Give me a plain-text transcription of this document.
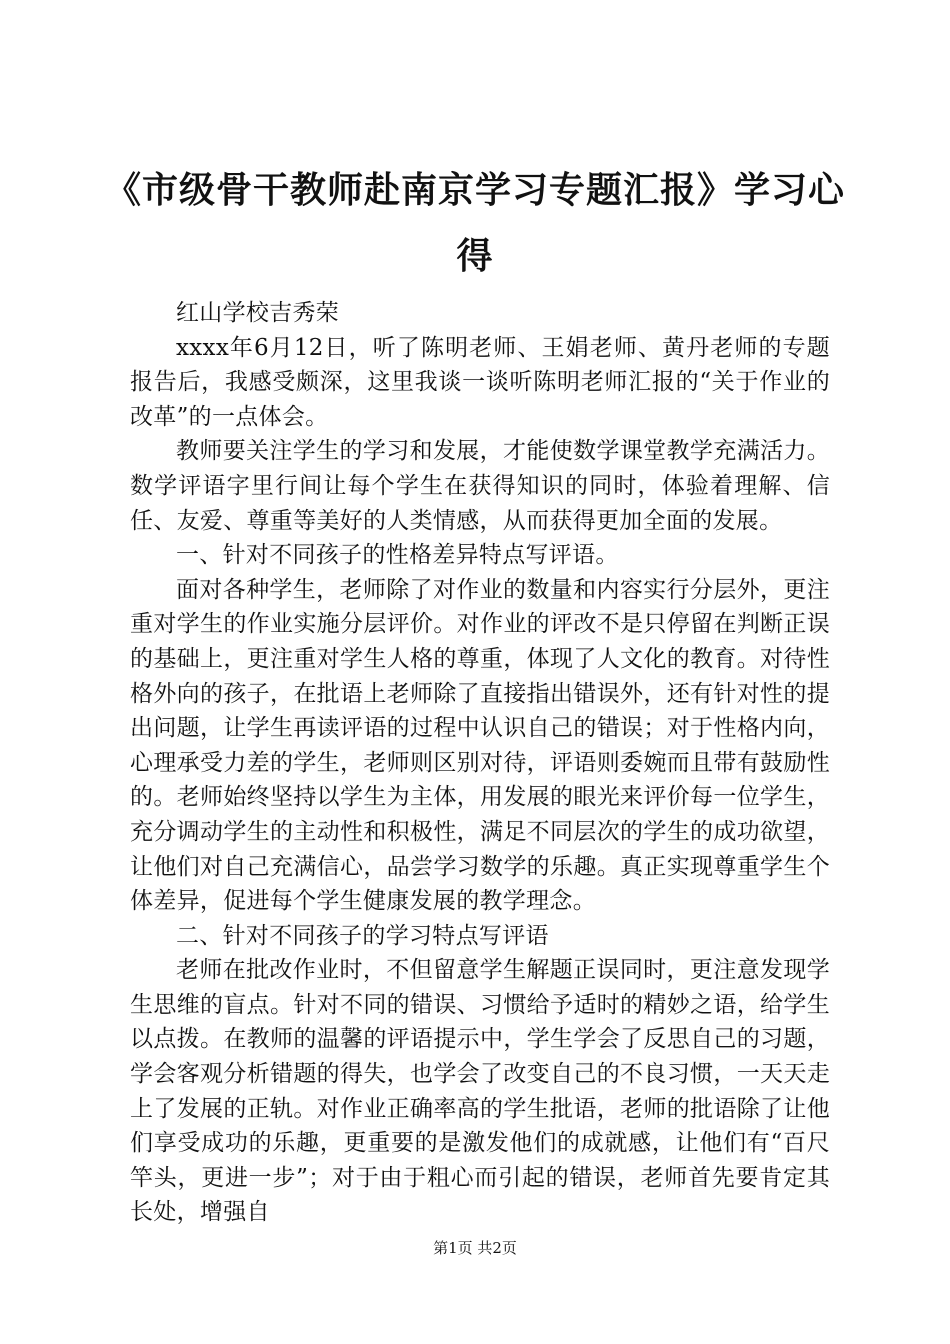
《市级骨干教师赴南京学习专题汇报》学习心得

红山学校吉秀荣

xxxx年6月12日，听了陈明老师、王娟老师、黄丹老师的专题报告后，我感受颇深，这里我谈一谈听陈明老师汇报的“关于作业的改革”的一点体会。

教师要关注学生的学习和发展，才能使数学课堂教学充满活力。数学评语字里行间让每个学生在获得知识的同时，体验着理解、信任、友爱、尊重等美好的人类情感，从而获得更加全面的发展。

一、针对不同孩子的性格差异特点写评语。

面对各种学生，老师除了对作业的数量和内容实行分层外，更注重对学生的作业实施分层评价。对作业的评改不是只停留在判断正误的基础上，更注重对学生人格的尊重，体现了人文化的教育。对待性格外向的孩子，在批语上老师除了直接指出错误外，还有针对性的提出问题，让学生再读评语的过程中认识自己的错误；对于性格内向，心理承受力差的学生，老师则区别对待，评语则委婉而且带有鼓励性的。老师始终坚持以学生为主体，用发展的眼光来评价每一位学生，充分调动学生的主动性和积极性，满足不同层次的学生的成功欲望，让他们对自己充满信心，品尝学习数学的乐趣。真正实现尊重学生个体差异，促进每个学生健康发展的教学理念。

二、针对不同孩子的学习特点写评语

老师在批改作业时，不但留意学生解题正误同时，更注意发现学生思维的盲点。针对不同的错误、习惯给予适时的精妙之语，给学生以点拨。在教师的温馨的评语提示中，学生学会了反思自己的习题，学会客观分析错题的得失，也学会了改变自己的不良习惯，一天天走上了发展的正轨。对作业正确率高的学生批语，老师的批语除了让他们享受成功的乐趣，更重要的是激发他们的成就感，让他们有“百尺竿头，更进一步”；对于由于粗心而引起的错误，老师首先要肯定其长处，增强自

第1页 共2页
